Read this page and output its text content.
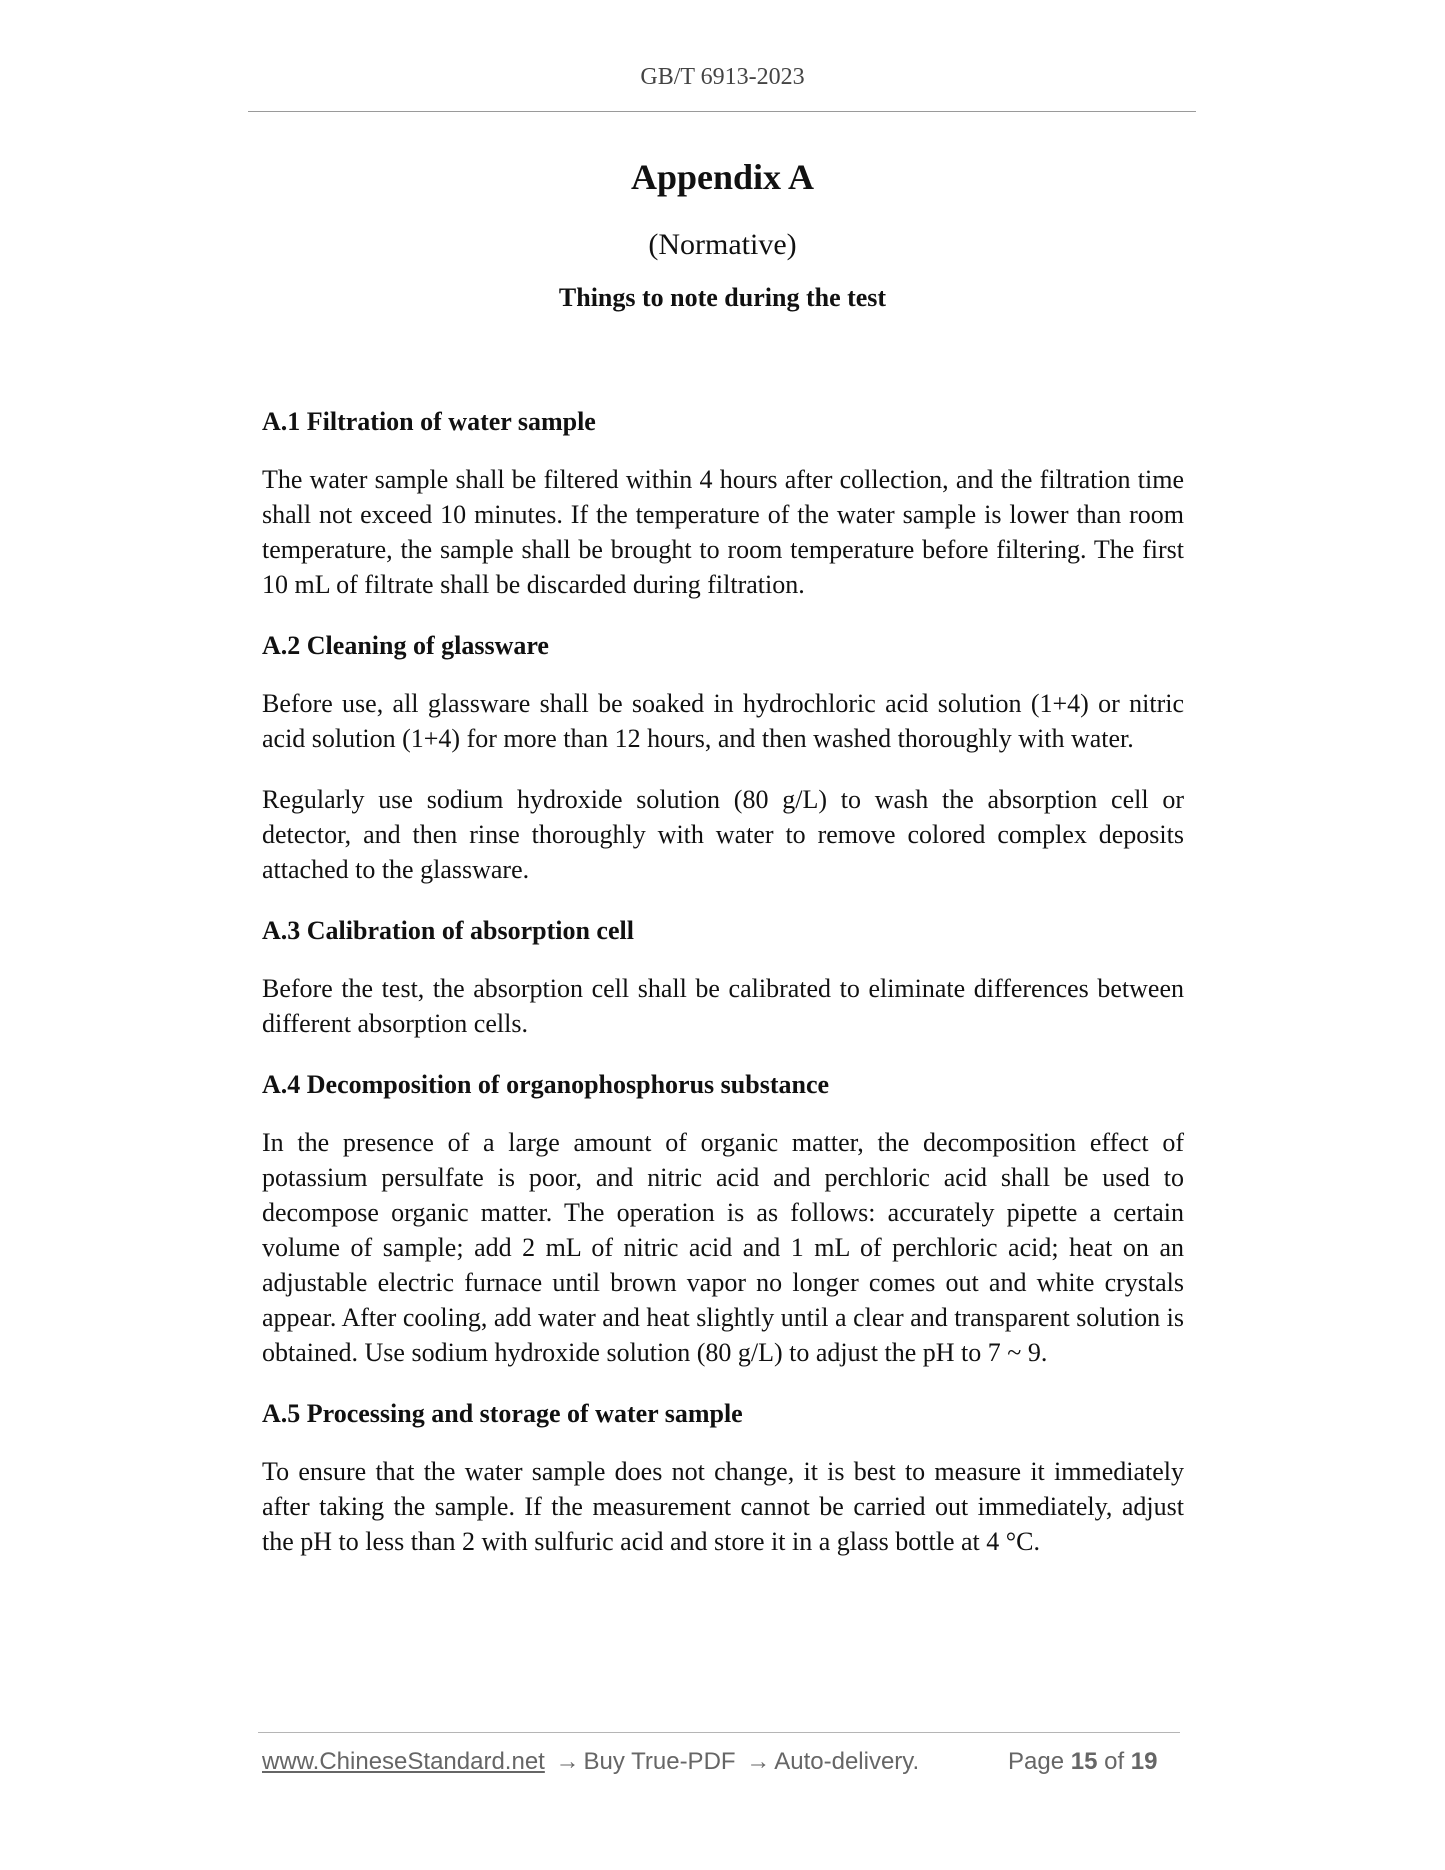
GB/T 6913-2023
Appendix A
(Normative)
Things to note during the test
A.1 Filtration of water sample

The water sample shall be filtered within 4 hours after collection, and the filtration time shall not exceed 10 minutes. If the temperature of the water sample is lower than room temperature, the sample shall be brought to room temperature before filtering. The first 10 mL of filtrate shall be discarded during filtration.

A.2 Cleaning of glassware

Before use, all glassware shall be soaked in hydrochloric acid solution (1+4) or nitric acid solution (1+4) for more than 12 hours, and then washed thoroughly with water.

Regularly use sodium hydroxide solution (80 g/L) to wash the absorption cell or detector, and then rinse thoroughly with water to remove colored complex deposits attached to the glassware.

A.3 Calibration of absorption cell

Before the test, the absorption cell shall be calibrated to eliminate differences between different absorption cells.

A.4 Decomposition of organophosphorus substance

In the presence of a large amount of organic matter, the decomposition effect of potassium persulfate is poor, and nitric acid and perchloric acid shall be used to decompose organic matter. The operation is as follows: accurately pipette a certain volume of sample; add 2 mL of nitric acid and 1 mL of perchloric acid; heat on an adjustable electric furnace until brown vapor no longer comes out and white crystals appear. After cooling, add water and heat slightly until a clear and transparent solution is obtained. Use sodium hydroxide solution (80 g/L) to adjust the pH to 7 ~ 9.

A.5 Processing and storage of water sample

To ensure that the water sample does not change, it is best to measure it immediately after taking the sample. If the measurement cannot be carried out immediately, adjust the pH to less than 2 with sulfuric acid and store it in a glass bottle at 4 °C.

www.ChineseStandard.net → Buy True-PDF → Auto-delivery.	Page 15 of 19
